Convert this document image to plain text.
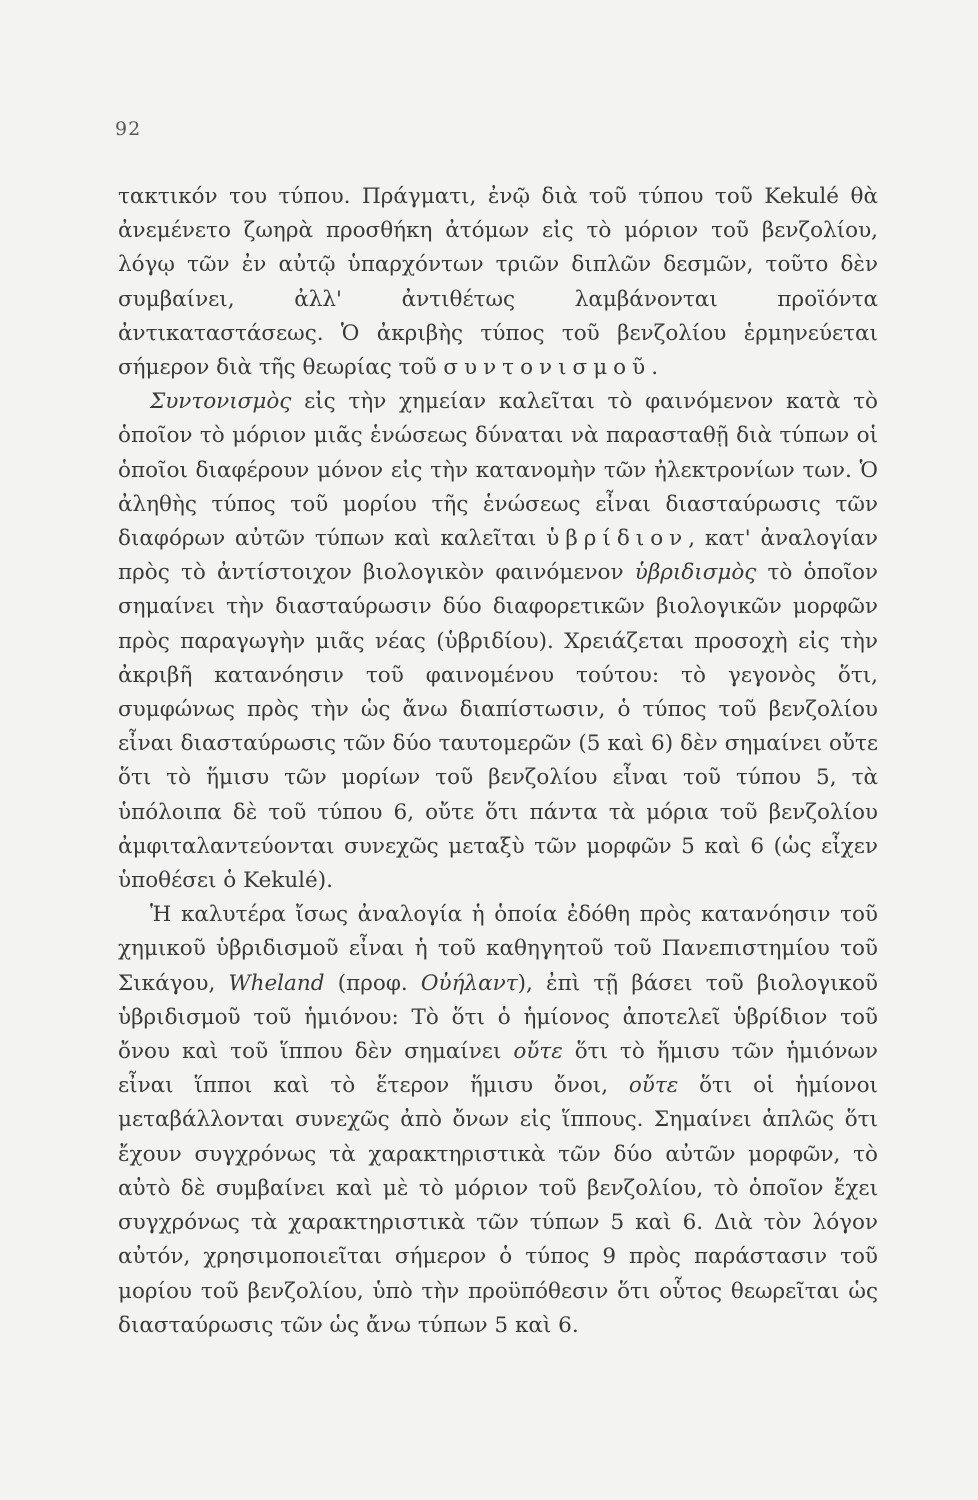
92

τακτικόν του τύπου. Πράγματι, ἐνῷ διὰ τοῦ τύπου τοῦ Kekulé θὰ ἀνεμένετο ζωηρὰ προσθήκη ἀτόμων εἰς τὸ μόριον τοῦ βενζολίου, λόγῳ τῶν ἐν αὐτῷ ὑπαρχόντων τριῶν διπλῶν δεσμῶν, τοῦτο δὲν συμβαίνει, ἀλλ' ἀντιθέτως λαμβάνονται προϊόντα ἀντικαταστάσεως. Ὁ ἀκριβὴς τύπος τοῦ βενζολίου ἑρμηνεύεται σήμερον διὰ τῆς θεωρίας τοῦ συντονισμοῦ.

Συντονισμὸς εἰς τὴν χημείαν καλεῖται τὸ φαινόμενον κατὰ τὸ ὁποῖον τὸ μόριον μιᾶς ἑνώσεως δύναται νὰ παρασταθῇ διὰ τύπων οἱ ὁποῖοι διαφέρουν μόνον εἰς τὴν κατανομὴν τῶν ἠλεκτρονίων των. Ὁ ἀληθὴς τύπος τοῦ μορίου τῆς ἑνώσεως εἶναι διασταύρωσις τῶν διαφόρων αὐτῶν τύπων καὶ καλεῖται ὑβρίδιον, κατ' ἀναλογίαν πρὸς τὸ ἀντίστοιχον βιολογικὸν φαινόμενον ὑβριδισμὸς τὸ ὁποῖον σημαίνει τὴν διασταύρωσιν δύο διαφορετικῶν βιολογικῶν μορφῶν πρὸς παραγωγὴν μιᾶς νέας (ὑβριδίου). Χρειάζεται προσοχὴ εἰς τὴν ἀκριβῆ κατανόησιν τοῦ φαινομένου τούτου: τὸ γεγονὸς ὅτι, συμφώνως πρὸς τὴν ὡς ἄνω διαπίστωσιν, ὁ τύπος τοῦ βενζολίου εἶναι διασταύρωσις τῶν δύο ταυτομερῶν (5 καὶ 6) δὲν σημαίνει οὔτε ὅτι τὸ ἥμισυ τῶν μορίων τοῦ βενζολίου εἶναι τοῦ τύπου 5, τὰ ὑπόλοιπα δὲ τοῦ τύπου 6, οὔτε ὅτι πάντα τὰ μόρια τοῦ βενζολίου ἀμφιταλαντεύονται συνεχῶς μεταξὺ τῶν μορφῶν 5 καὶ 6 (ὡς εἶχεν ὑποθέσει ὁ Kekulé).

Ἡ καλυτέρα ἴσως ἀναλογία ἡ ὁποία ἐδόθη πρὸς κατανόησιν τοῦ χημικοῦ ὑβριδισμοῦ εἶναι ἡ τοῦ καθηγητοῦ τοῦ Πανεπιστημίου τοῦ Σικάγου, Wheland (προφ. Οὐήλαντ), ἐπὶ τῇ βάσει τοῦ βιολογικοῦ ὑβριδισμοῦ τοῦ ἡμιόνου: Τὸ ὅτι ὁ ἡμίονος ἀποτελεῖ ὑβρίδιον τοῦ ὄνου καὶ τοῦ ἵππου δὲν σημαίνει οὔτε ὅτι τὸ ἥμισυ τῶν ἡμιόνων εἶναι ἵπποι καὶ τὸ ἕτερον ἥμισυ ὄνοι, οὔτε ὅτι οἱ ἡμίονοι μεταβάλλονται συνεχῶς ἀπὸ ὄνων εἰς ἵππους. Σημαίνει ἁπλῶς ὅτι ἔχουν συγχρόνως τὰ χαρακτηριστικὰ τῶν δύο αὐτῶν μορφῶν, τὸ αὐτὸ δὲ συμβαίνει καὶ μὲ τὸ μόριον τοῦ βενζολίου, τὸ ὁποῖον ἔχει συγχρόνως τὰ χαρακτηριστικὰ τῶν τύπων 5 καὶ 6. Διὰ τὸν λόγον αὐτόν, χρησιμοποιεῖται σήμερον ὁ τύπος 9 πρὸς παράστασιν τοῦ μορίου τοῦ βενζολίου, ὑπὸ τὴν προϋπόθεσιν ὅτι οὗτος θεωρεῖται ὡς διασταύρωσις τῶν ὡς ἄνω τύπων 5 καὶ 6.
